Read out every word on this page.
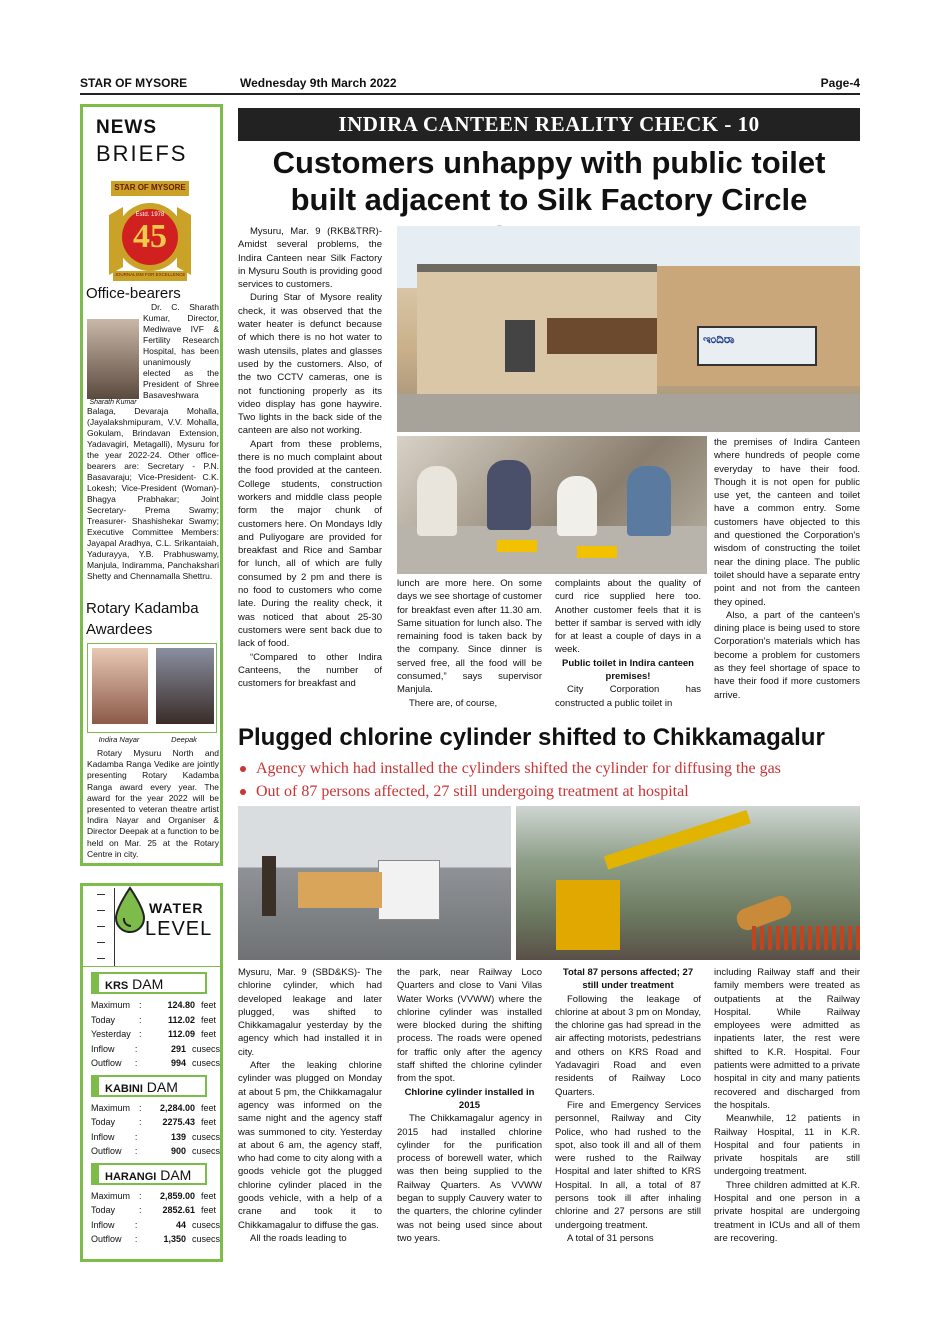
STAR OF MYSORE	Wednesday 9th March 2022	Page-4
NEWS
BRIEFS
STAR OF MYSORE
Estd. 1978
45
JOURNALISM FOR EXCELLENCE
Office-bearers
Sharath Kumar
Dr. C. Sharath Kumar, Director, Mediwave IVF & Fertility Research Hospital, has been unanimously elected as the President of Shree Basaveshwara
Balaga, Devaraja Mohalla, (Jayalakshmipuram, V.V. Mohalla, Gokulam, Brindavan Extension, Yadavagiri, Metagalli), Mysuru for the year 2022-24. Other office-bearers are: Secretary - P.N. Basavaraju; Vice-President- C.K. Lokesh; Vice-President (Woman)-Bhagya Prabhakar; Joint Secretary- Prema Swamy; Treasurer- Shashishekar Swamy; Executive Committee Members: Jayapal Aradhya, C.L. Srikantaiah, Yadurayya, Y.B. Prabhuswamy, Manjula, Indiramma, Panchakshari Shetty and Chennamalla Shettru.
Rotary Kadamba
Awardees
Indira Nayar	Deepak
Rotary Mysuru North and Kadamba Ranga Vedike are jointly presenting Rotary Kadamba Ranga award every year. The award for the year 2022 will be presented to veteran theatre artist Indira Nayar and Organiser & Director Deepak at a function to be held on Mar. 25 at the Rotary Centre in city.
WATER
LEVEL
KRS DAM
Maximum :	124.80 feet
Today	:	112.02 feet
Yesterday :	112.09 feet
Inflow	:	291 cusecs
Outflow	:	994 cusecs
KABINI DAM
Maximum :	2,284.00 feet
Today	:	2275.43 feet
Inflow	:	139 cusecs
Outflow	:	900 cusecs
HARANGI DAM
Maximum :	2,859.00 feet
Today	:	2852.61 feet
Inflow	:	44 cusecs
Outflow	:	1,350 cusecs
INDIRA CANTEEN REALITY CHECK - 10
Customers unhappy with public toilet built adjacent to Silk Factory Circle

Mysuru, Mar. 9 (RKB&TRR)- Amidst several problems, the Indira Canteen near Silk Factory in Mysuru South is providing good services to customers.

During Star of Mysore reality check, it was observed that the water heater is defunct because of which there is no hot water to wash utensils, plates and glasses used by the customers. Also, of the two CCTV cameras, one is not functioning properly as its video display has gone haywire. Two lights in the back side of the canteen are also not working.

Apart from these problems, there is no much complaint about the food provided at the canteen. College students, construction workers and middle class people form the major chunk of customers here. On Mondays Idly and Puliyogare are provided for breakfast and Rice and Sambar for lunch, all of which are fully consumed by 2 pm and there is no food to customers who come late. During the reality check, it was noticed that about 25-30 customers were sent back due to lack of food.

“Compared to other Indira Canteens, the number of customers for breakfast and

ಇಂದಿರಾ

lunch are more here. On some days we see shortage of customer for breakfast even after 11.30 am. Same situation for lunch also. The remaining food is taken back by the company. Since dinner is served free, all the food will be consumed,” says supervisor Manjula.

There are, of course,

complaints about the quality of curd rice supplied here too. Another customer feels that it is better if sambar is served with idly for at least a couple of days in a week.

Public toilet in Indira canteen premises!

City Corporation has constructed a public toilet in

the premises of Indira Canteen where hundreds of people come everyday to have their food. Though it is not open for public use yet, the canteen and toilet have a common entry. Some customers have objected to this and questioned the Corporation's wisdom of constructing the toilet near the dining place. The public toilet should have a separate entry point and not from the canteen they opined.

Also, a part of the canteen's dining place is being used to store Corporation's materials which has become a problem for customers as they feel shortage of space to have their food if more customers arrive.

Plugged chlorine cylinder shifted to Chikkamagalur
Agency which had installed the cylinders shifted the cylinder for diffusing the gas
Out of 87 persons affected, 27 still undergoing treatment at hospital

Mysuru, Mar. 9 (SBD&KS)- The chlorine cylinder, which had developed leakage and later plugged, was shifted to Chikkamagalur yesterday by the agency which had installed it in city.

After the leaking chlorine cylinder was plugged on Monday at about 5 pm, the Chikkamagalur agency was informed on the same night and the agency staff was summoned to city. Yesterday at about 6 am, the agency staff, who had come to city along with a goods vehicle got the plugged chlorine cylinder placed in the goods vehicle, with a help of a crane and took it to Chikkamagalur to diffuse the gas.

All the roads leading to

the park, near Railway Loco Quarters and close to Vani Vilas Water Works (VVWW) where the chlorine cylinder was installed were blocked during the shifting process. The roads were opened for traffic only after the agency staff shifted the chlorine cylinder from the spot.

Chlorine cylinder installed in 2015

The Chikkamagalur agency in 2015 had installed chlorine cylinder for the purification process of borewell water, which was then being supplied to the Railway Quarters. As VVWW began to supply Cauvery water to the quarters, the chlorine cylinder was not being used since about two years.

Total 87 persons affected; 27 still under treatment

Following the leakage of chlorine at about 3 pm on Monday, the chlorine gas had spread in the air affecting motorists, pedestrians and others on KRS Road and Yadavagiri Road and even residents of Railway Loco Quarters.

Fire and Emergency Services personnel, Railway and City Police, who had rushed to the spot, also took ill and all of them were rushed to the Railway Hospital and later shifted to KRS Hospital. In all, a total of 87 persons took ill after inhaling chlorine and 27 persons are still undergoing treatment.

A total of 31 persons

including Railway staff and their family members were treated as outpatients at the Railway Hospital. While Railway employees were admitted as inpatients later, the rest were shifted to K.R. Hospital. Four patients were admitted to a private hospital in city and many patients recovered and discharged from the hospitals.

Meanwhile, 12 patients in Railway Hospital, 11 in K.R. Hospital and four patients in private hospitals are still undergoing treatment.

Three children admitted at K.R. Hospital and one person in a private hospital are undergoing treatment in ICUs and all of them are recovering.
